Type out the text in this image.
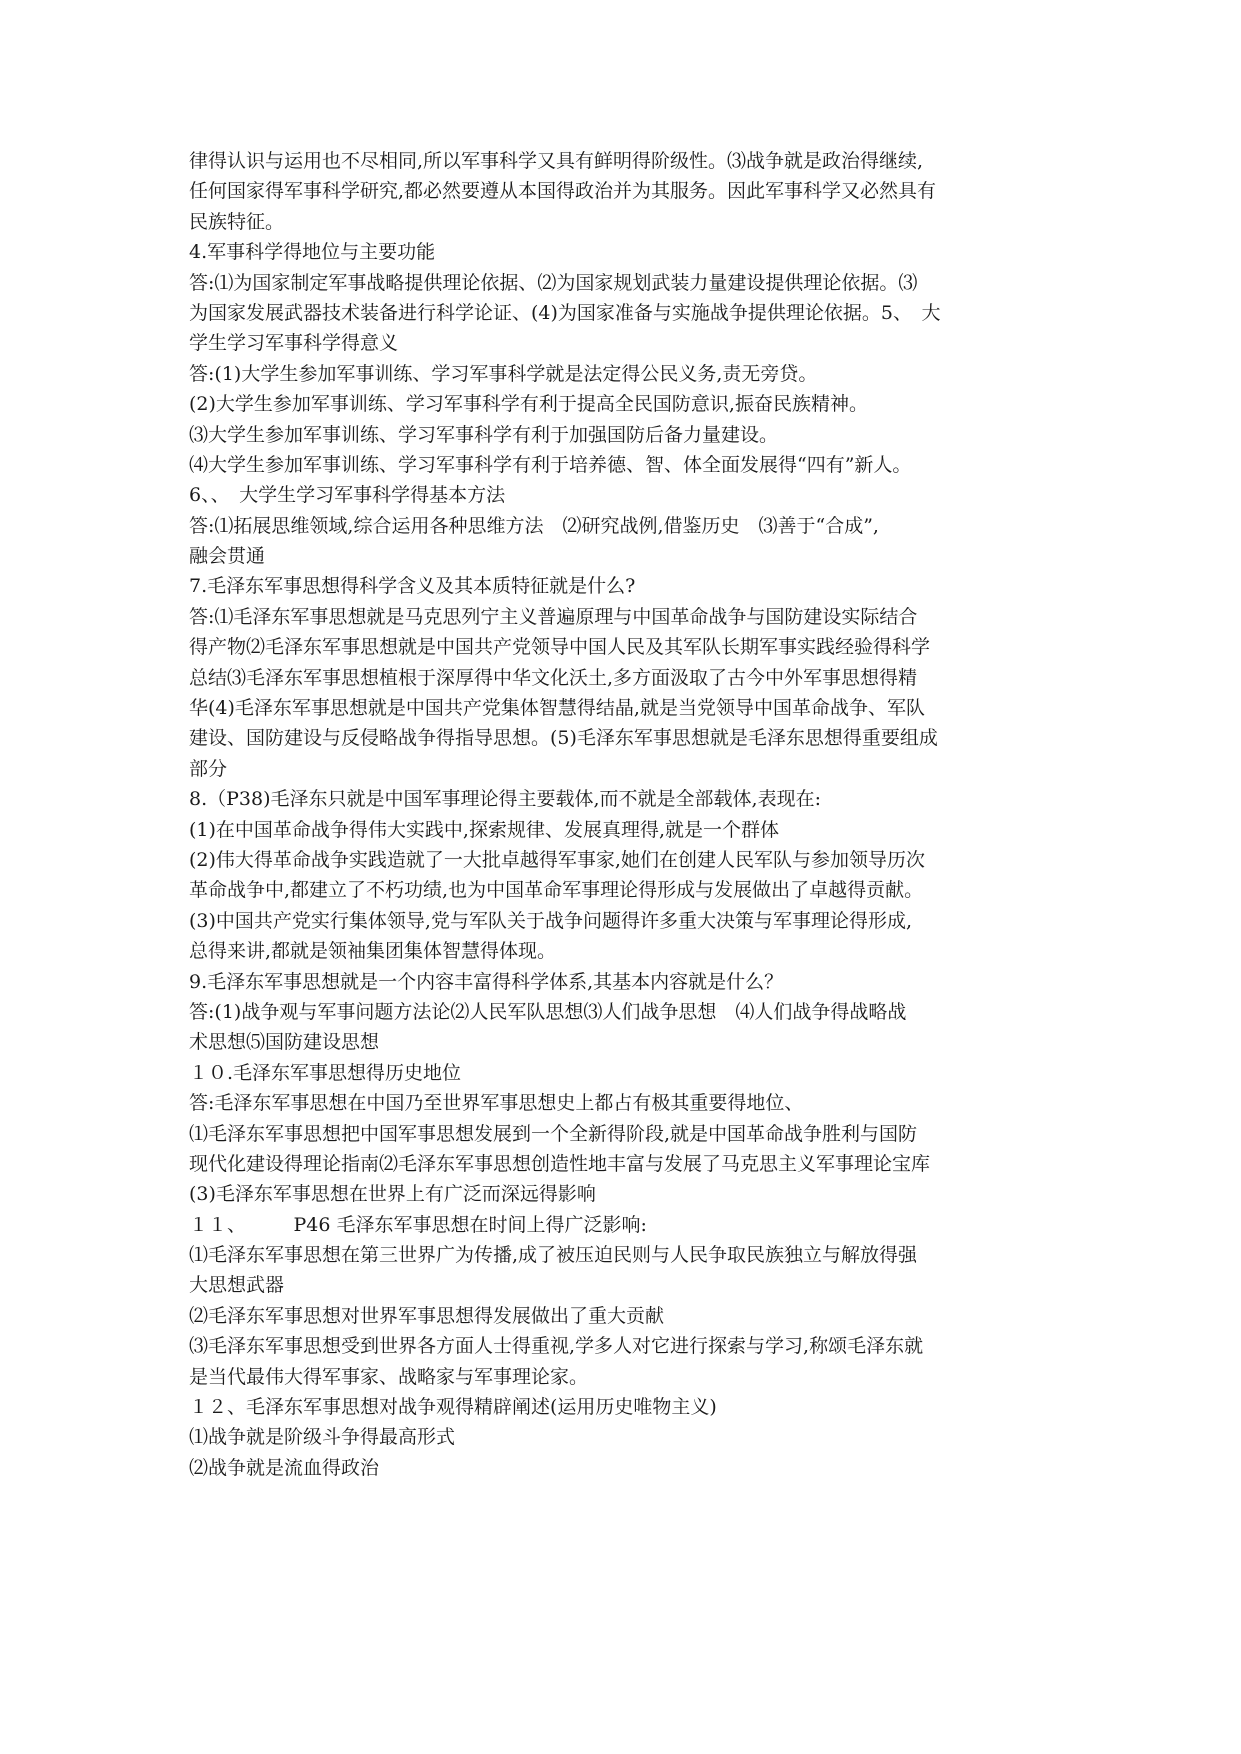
律得认识与运用也不尽相同,所以军事科学又具有鲜明得阶级性。⑶战争就是政治得继续,
任何国家得军事科学研究,都必然要遵从本国得政治并为其服务。因此军事科学又必然具有
民族特征。
4.军事科学得地位与主要功能
答:⑴为国家制定军事战略提供理论依据、⑵为国家规划武装力量建设提供理论依据。⑶
为国家发展武器技术装备进行科学论证、(4)为国家准备与实施战争提供理论依据。5、　大
学生学习军事科学得意义
答:(1)大学生参加军事训练、学习军事科学就是法定得公民义务,责无旁贷。
(2)大学生参加军事训练、学习军事科学有利于提高全民国防意识,振奋民族精神。
⑶大学生参加军事训练、学习军事科学有利于加强国防后备力量建设。
⑷大学生参加军事训练、学习军事科学有利于培养德、智、体全面发展得“四有”新人。
6、、　大学生学习军事科学得基本方法
答:⑴拓展思维领域,综合运用各种思维方法　⑵研究战例,借鉴历史　⑶善于“合成”,
融会贯通
7.毛泽东军事思想得科学含义及其本质特征就是什么?
答:⑴毛泽东军事思想就是马克思列宁主义普遍原理与中国革命战争与国防建设实际结合
得产物⑵毛泽东军事思想就是中国共产党领导中国人民及其军队长期军事实践经验得科学
总结⑶毛泽东军事思想植根于深厚得中华文化沃土,多方面汲取了古今中外军事思想得精
华(4)毛泽东军事思想就是中国共产党集体智慧得结晶,就是当党领导中国革命战争、军队
建设、国防建设与反侵略战争得指导思想。(5)毛泽东军事思想就是毛泽东思想得重要组成
部分
8.（P38)毛泽东只就是中国军事理论得主要载体,而不就是全部载体,表现在:
(1)在中国革命战争得伟大实践中,探索规律、发展真理得,就是一个群体
(2)伟大得革命战争实践造就了一大批卓越得军事家,她们在创建人民军队与参加领导历次
革命战争中,都建立了不朽功绩,也为中国革命军事理论得形成与发展做出了卓越得贡献。
(3)中国共产党实行集体领导,党与军队关于战争问题得许多重大决策与军事理论得形成,
总得来讲,都就是领袖集团集体智慧得体现。
9.毛泽东军事思想就是一个内容丰富得科学体系,其基本内容就是什么？
答:(1)战争观与军事问题方法论⑵人民军队思想⑶人们战争思想　⑷人们战争得战略战
术思想⑸国防建设思想
１０.毛泽东军事思想得历史地位
答:毛泽东军事思想在中国乃至世界军事思想史上都占有极其重要得地位、
⑴毛泽东军事思想把中国军事思想发展到一个全新得阶段,就是中国革命战争胜利与国防
现代化建设得理论指南⑵毛泽东军事思想创造性地丰富与发展了马克思主义军事理论宝库
(3)毛泽东军事思想在世界上有广泛而深远得影响
１１、　　　P46 毛泽东军事思想在时间上得广泛影响:
⑴毛泽东军事思想在第三世界广为传播,成了被压迫民则与人民争取民族独立与解放得强
大思想武器
⑵毛泽东军事思想对世界军事思想得发展做出了重大贡献
⑶毛泽东军事思想受到世界各方面人士得重视,学多人对它进行探索与学习,称颂毛泽东就
是当代最伟大得军事家、战略家与军事理论家。
１２、毛泽东军事思想对战争观得精辟阐述(运用历史唯物主义)
⑴战争就是阶级斗争得最高形式
⑵战争就是流血得政治
